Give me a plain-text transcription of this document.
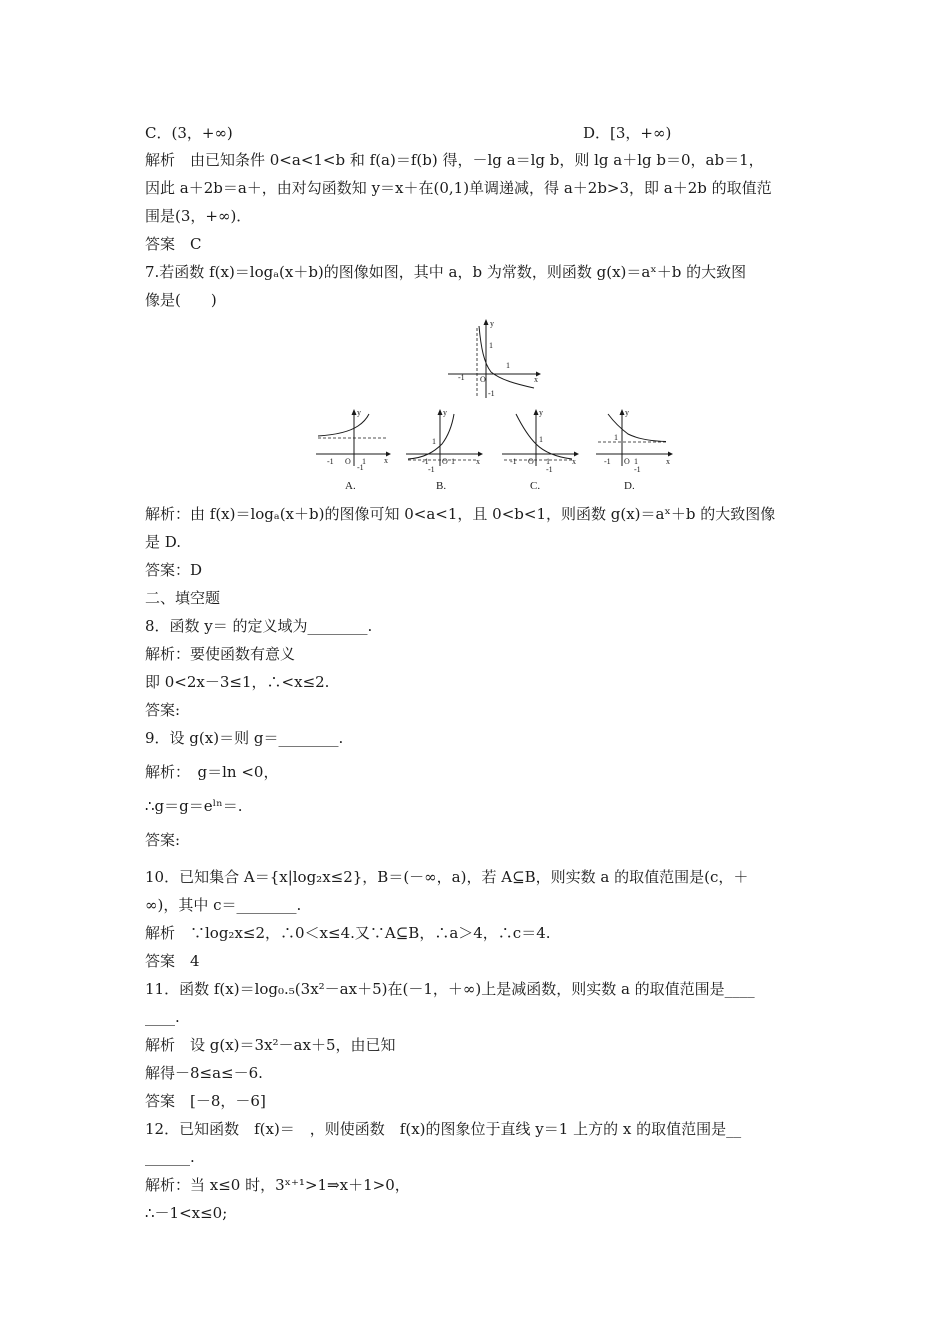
C．(3，+∞)	D．[3，+∞)
解析　由已知条件 0<a<1<b 和 f(a)＝f(b) 得，－lg a＝lg b，则 lg a＋lg b＝0，ab＝1，
因此 a＋2b＝a＋，由对勾函数知 y＝x＋在(0,1)单调递减，得 a＋2b>3，即 a＋2b 的取值范
围是(3，+∞)．
答案　C
7.若函数 f(x)＝logₐ(x＋b)的图像如图，其中 a，b 为常数，则函数 g(x)＝aˣ＋b 的大致图
像是(　　)
y
x
O
1
-1
1
-1
y
x
-1 O 1
-1
A.
y
x
1
-1 O 1
-1
B.
y
x
1
-1 O 1
-1
C.
y
x
1
-1 O 1
-1
D.
解析：由 f(x)＝logₐ(x＋b)的图像可知 0<a<1，且 0<b<1，则函数 g(x)＝aˣ＋b 的大致图像
是 D.
答案：D
二、填空题
8．函数 y＝ 的定义域为________.
解析：要使函数有意义
即 0<2x－3≤1，∴<x≤2.
答案:
9．设 g(x)＝则 g＝________.
解析：　g＝ln <0，
∴g＝g＝eˡⁿ＝.
答案:
10．已知集合 A＝{x|log₂x≤2}，B＝(－∞，a)，若 A⊆B，则实数 a 的取值范围是(c，＋
∞)，其中 c＝________.
解析　∵log₂x≤2，∴0＜x≤4.又∵A⊆B，∴a＞4，∴c＝4.
答案　4
11．函数 f(x)＝log₀.₅(3x²－ax＋5)在(－1，＋∞)上是减函数，则实数 a 的取值范围是____
____.
解析　设 g(x)＝3x²－ax＋5，由已知
解得－8≤a≤－6.
答案　[－8，－6]
12．已知函数　f(x)＝　，则使函数　f(x)的图象位于直线 y＝1 上方的 x 的取值范围是__
______.
解析：当 x≤0 时，3ˣ⁺¹>1⇒x＋1>0，
∴－1<x≤0;
